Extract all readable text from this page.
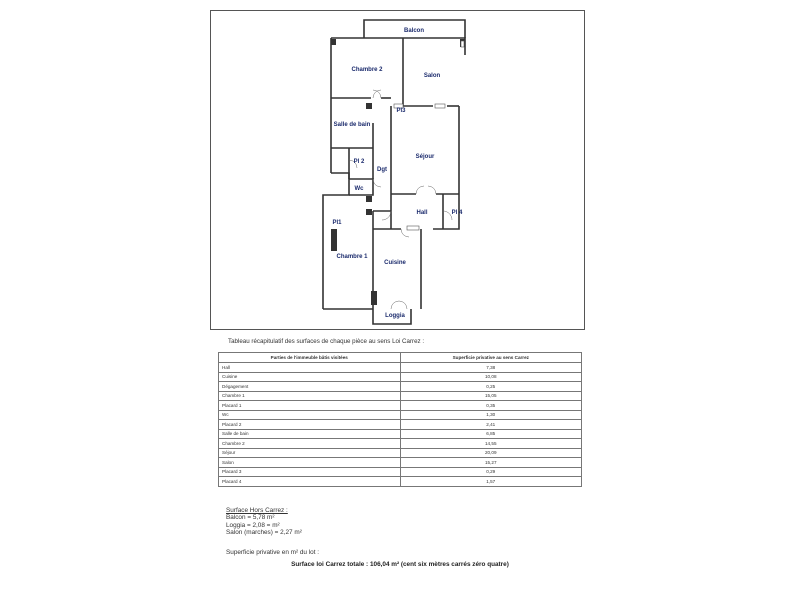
Balcon
Chambre 2
Salon
Pl3
Salle de bain
Séjour
Pl 2
Dgt
Wc
Pl1
Hall	Pl 4
Chambre 1
Cuisine
Loggia
Tableau récapitulatif des surfaces de chaque pièce au sens Loi Carrez :
Parties de l'immeuble bâtis visitées	Superficie privative au sens Carrez
Hall	7,38
Cuisine	10,08
Dégagement	0,25
Chambre 1	15,05
Placard 1	0,35
Wc	1,30
Placard 2	2,41
Salle de bain	6,85
Chambre 2	14,55
Séjour	20,09
Salon	15,27
Placard 3	0,29
Placard 4	1,57
Surface Hors Carrez :
Balcon = 5,78 m²
Loggia = 2,08 = m²
Salon (marches) = 2,27 m²
Superficie privative en m² du lot :
Surface loi Carrez totale : 106,04 m² (cent six mètres carrés zéro quatre)
